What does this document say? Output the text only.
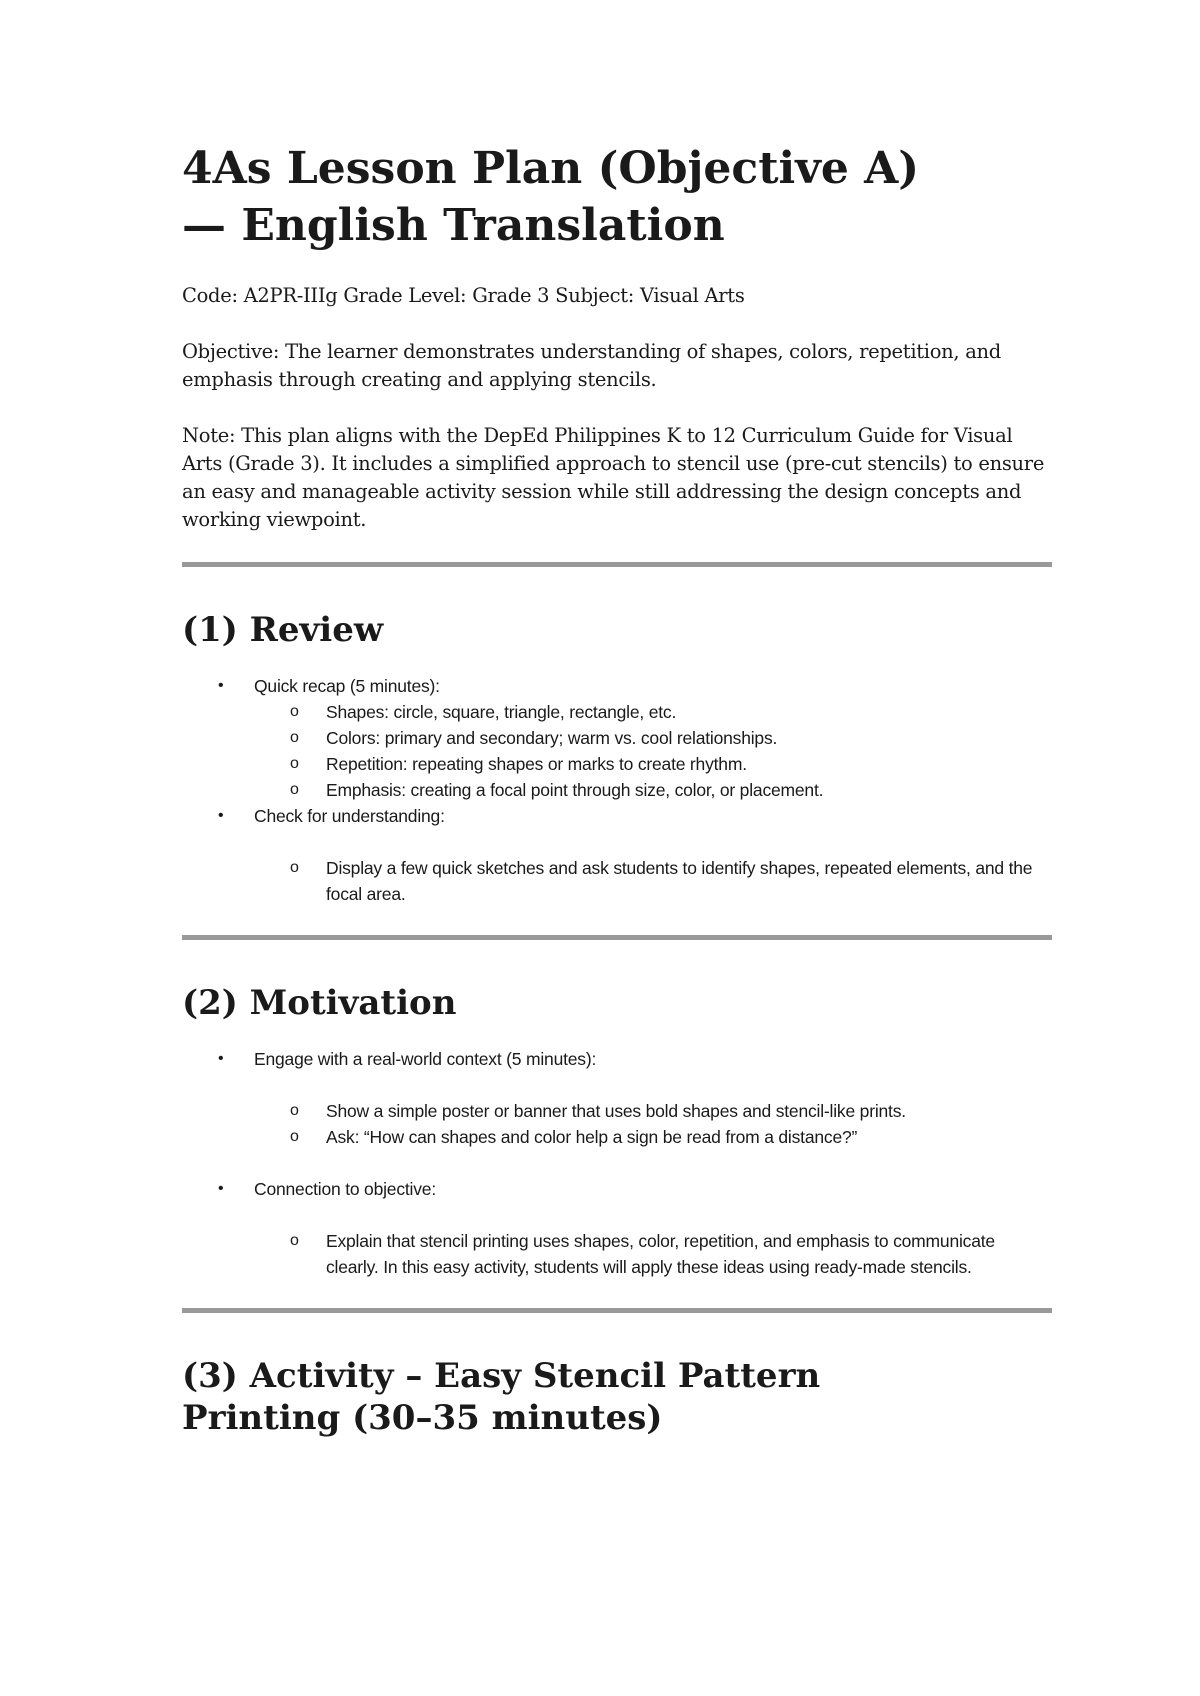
4As Lesson Plan (Objective A)
— English Translation

Code: A2PR-IIIg Grade Level: Grade 3 Subject: Visual Arts

Objective: The learner demonstrates understanding of shapes, colors, repetition, and emphasis through creating and applying stencils.

Note: This plan aligns with the DepEd Philippines K to 12 Curriculum Guide for Visual Arts (Grade 3). It includes a simplified approach to stencil use (pre-cut stencils) to ensure an easy and manageable activity session while still addressing the design concepts and working viewpoint.

(1) Review
• Quick recap (5 minutes):
o Shapes: circle, square, triangle, rectangle, etc.
o Colors: primary and secondary; warm vs. cool relationships.
o Repetition: repeating shapes or marks to create rhythm.
o Emphasis: creating a focal point through size, color, or placement.
• Check for understanding:
o Display a few quick sketches and ask students to identify shapes, repeated elements, and the focal area.
(2) Motivation
• Engage with a real-world context (5 minutes):
o Show a simple poster or banner that uses bold shapes and stencil-like prints.
o Ask: “How can shapes and color help a sign be read from a distance?”
• Connection to objective:
o Explain that stencil printing uses shapes, color, repetition, and emphasis to communicate clearly. In this easy activity, students will apply these ideas using ready-made stencils.
(3) Activity – Easy Stencil Pattern
Printing (30–35 minutes)
